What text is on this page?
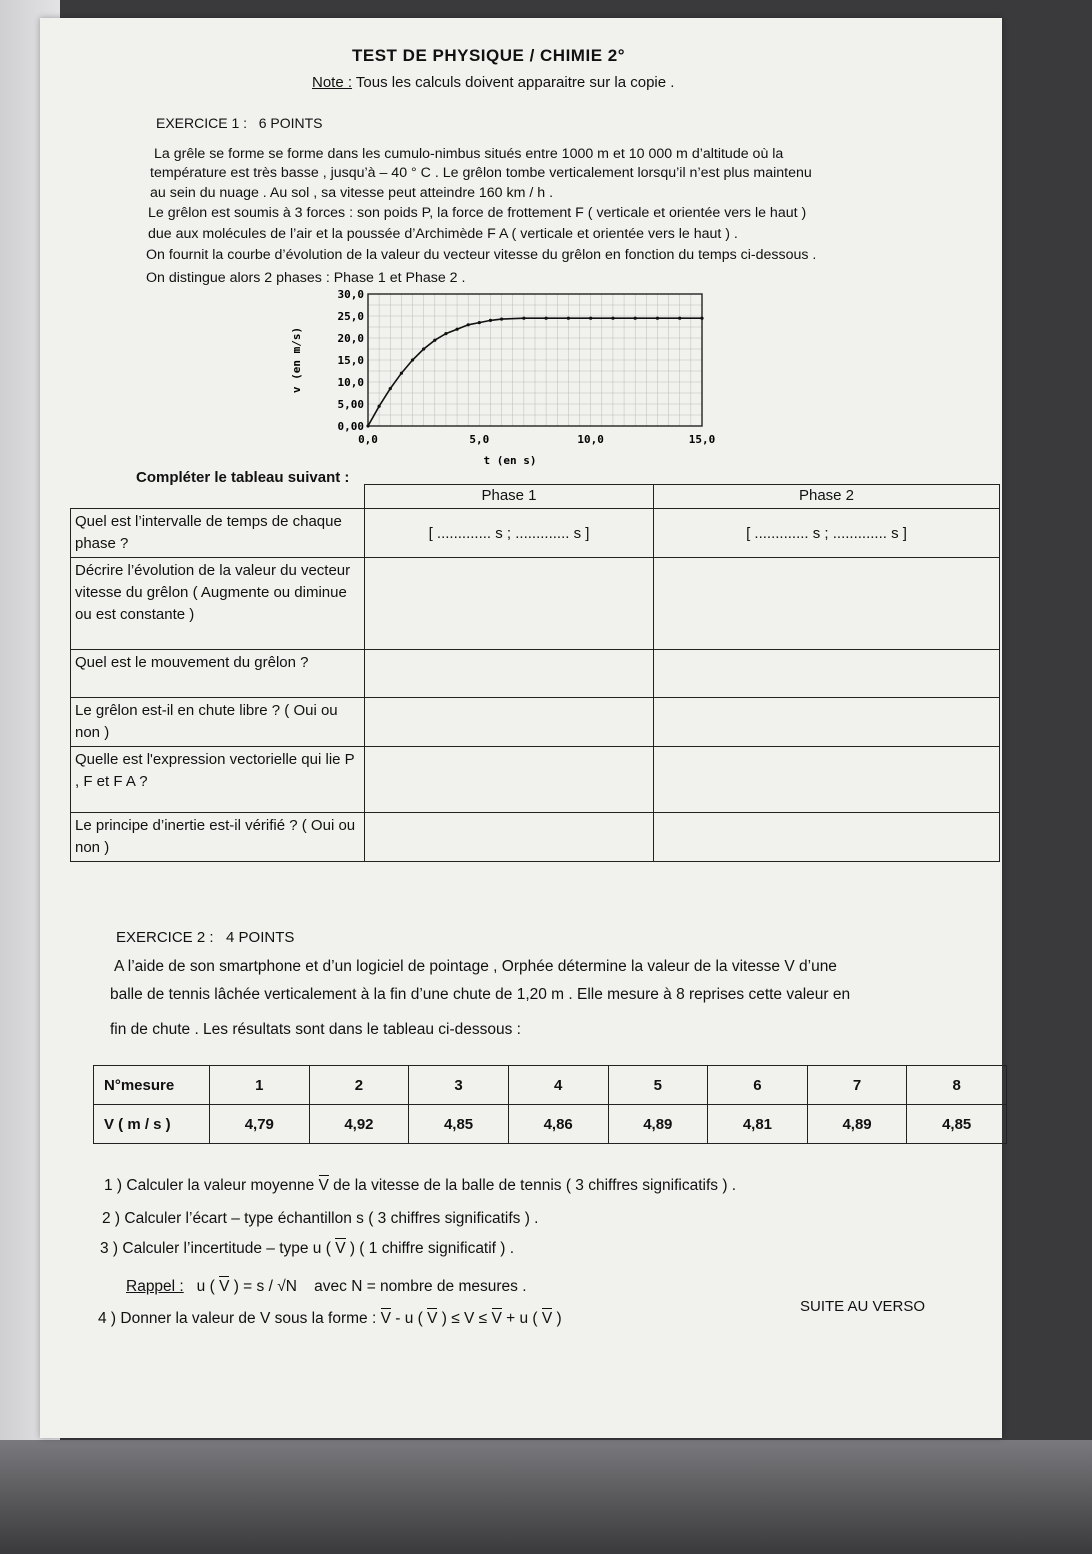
TEST DE PHYSIQUE / CHIMIE 2°
Note : Tous les calculs doivent apparaitre sur la copie .
EXERCICE 1 : 6 POINTS
La grêle se forme se forme dans les cumulo-nimbus situés entre 1000 m et 10 000 m d’altitude où la
température est très basse , jusqu’à – 40 ° C . Le grêlon tombe verticalement lorsqu’il n’est plus maintenu
au sein du nuage . Au sol , sa vitesse peut atteindre 160 km / h .
Le grêlon est soumis à 3 forces : son poids P, la force de frottement F ( verticale et orientée vers le haut )
due aux molécules de l’air et la poussée d’Archimède F A ( verticale et orientée vers le haut ) .
On fournit la courbe d’évolution de la valeur du vecteur vitesse du grêlon en fonction du temps ci-dessous .
On distingue alors 2 phases : Phase 1 et Phase 2 .
0,0	5,0	10,0	15,0
0,00
5,00
10,0
15,0
20,0
25,0
30,0
t (en s)
v (en m/s)
Compléter le tableau suivant :
	Phase 1	Phase 2
Quel est l’intervalle de temps de chaque phase ?	[ ............. s ; ............. s ]	[ ............. s ; ............. s ]
Décrire l’évolution de la valeur du vecteur vitesse du grêlon ( Augmente ou diminue ou est constante )		
Quel est le mouvement du grêlon ?		
Le grêlon est-il en chute libre ? ( Oui ou non )		
Quelle est l'expression vectorielle qui lie P , F et F A ?		
Le principe d’inertie est-il vérifié ? ( Oui ou non )		
EXERCICE 2 : 4 POINTS
A l’aide de son smartphone et d’un logiciel de pointage , Orphée détermine la valeur de la vitesse V d’une
balle de tennis lâchée verticalement à la fin d’une chute de 1,20 m . Elle mesure à 8 reprises cette valeur en
fin de chute . Les résultats sont dans le tableau ci-dessous :
N°mesure	1	2	3	4	5	6	7	8
V ( m / s )	4,79	4,92	4,85	4,86	4,89	4,81	4,89	4,85
1 ) Calculer la valeur moyenne V de la vitesse de la balle de tennis ( 3 chiffres significatifs ) .
2 ) Calculer l’écart – type échantillon s ( 3 chiffres significatifs ) .
3 ) Calculer l’incertitude – type u ( V ) ( 1 chiffre significatif ) .
Rappel : u ( V ) = s / √N avec N = nombre de mesures .
4 ) Donner la valeur de V sous la forme : V - u ( V ) ≤ V ≤ V + u ( V )
SUITE AU VERSO
